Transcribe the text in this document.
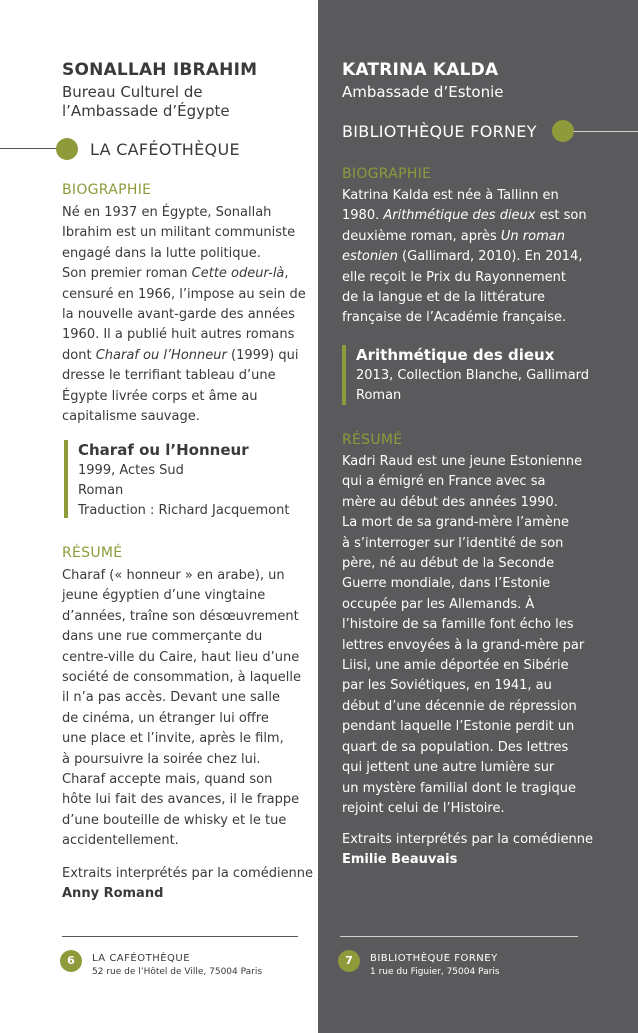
SONALLAH IBRAHIM
Bureau Culturel de
l’Ambassade d’Égypte
LA CAFÉOTHÈQUE
BIOGRAPHIE

Né en 1937 en Égypte, Sonallah

Ibrahim est un militant communiste

engagé dans la lutte politique.

Son premier roman Cette odeur-là,

censuré en 1966, l’impose au sein de

la nouvelle avant-garde des années

1960. Il a publié huit autres romans

dont Charaf ou l’Honneur (1999) qui

dresse le terrifiant tableau d’une

Égypte livrée corps et âme au

capitalisme sauvage.

Charaf ou l’Honneur
1999, Actes Sud
Roman
Traduction : Richard Jacquemont
RÉSUMÉ

Charaf (« honneur » en arabe), un

jeune égyptien d’une vingtaine

d’années, traîne son désœuvrement

dans une rue commerçante du

centre-ville du Caire, haut lieu d’une

société de consommation, à laquelle

il n’a pas accès. Devant une salle

de cinéma, un étranger lui offre

une place et l’invite, après le film,

à poursuivre la soirée chez lui.

Charaf accepte mais, quand son

hôte lui fait des avances, il le frappe

d’une bouteille de whisky et le tue

accidentellement.

Extraits interprétés par la comédienne
Anny Romand
6	LA CAFÉOTHÈQUE
52 rue de l’Hôtel de Ville, 75004 Paris
KATRINA KALDA
Ambassade d’Estonie
BIBLIOTHÈQUE FORNEY
BIOGRAPHIE

Katrina Kalda est née à Tallinn en

1980. Arithmétique des dieux est son

deuxième roman, après Un roman

estonien (Gallimard, 2010). En 2014,

elle reçoit le Prix du Rayonnement

de la langue et de la littérature

française de l’Académie française.

Arithmétique des dieux
2013, Collection Blanche, Gallimard
Roman
RÉSUMÉ

Kadri Raud est une jeune Estonienne

qui a émigré en France avec sa

mère au début des années 1990.

La mort de sa grand-mère l’amène

à s’interroger sur l’identité de son

père, né au début de la Seconde

Guerre mondiale, dans l’Estonie

occupée par les Allemands. À

l’histoire de sa famille font écho les

lettres envoyées à la grand-mère par

Liisi, une amie déportée en Sibérie

par les Soviétiques, en 1941, au

début d’une décennie de répression

pendant laquelle l’Estonie perdit un

quart de sa population. Des lettres

qui jettent une autre lumière sur

un mystère familial dont le tragique

rejoint celui de l’Histoire.

Extraits interprétés par la comédienne
Emilie Beauvais
7	BIBLIOTHÈQUE FORNEY
1 rue du Figuier, 75004 Paris
